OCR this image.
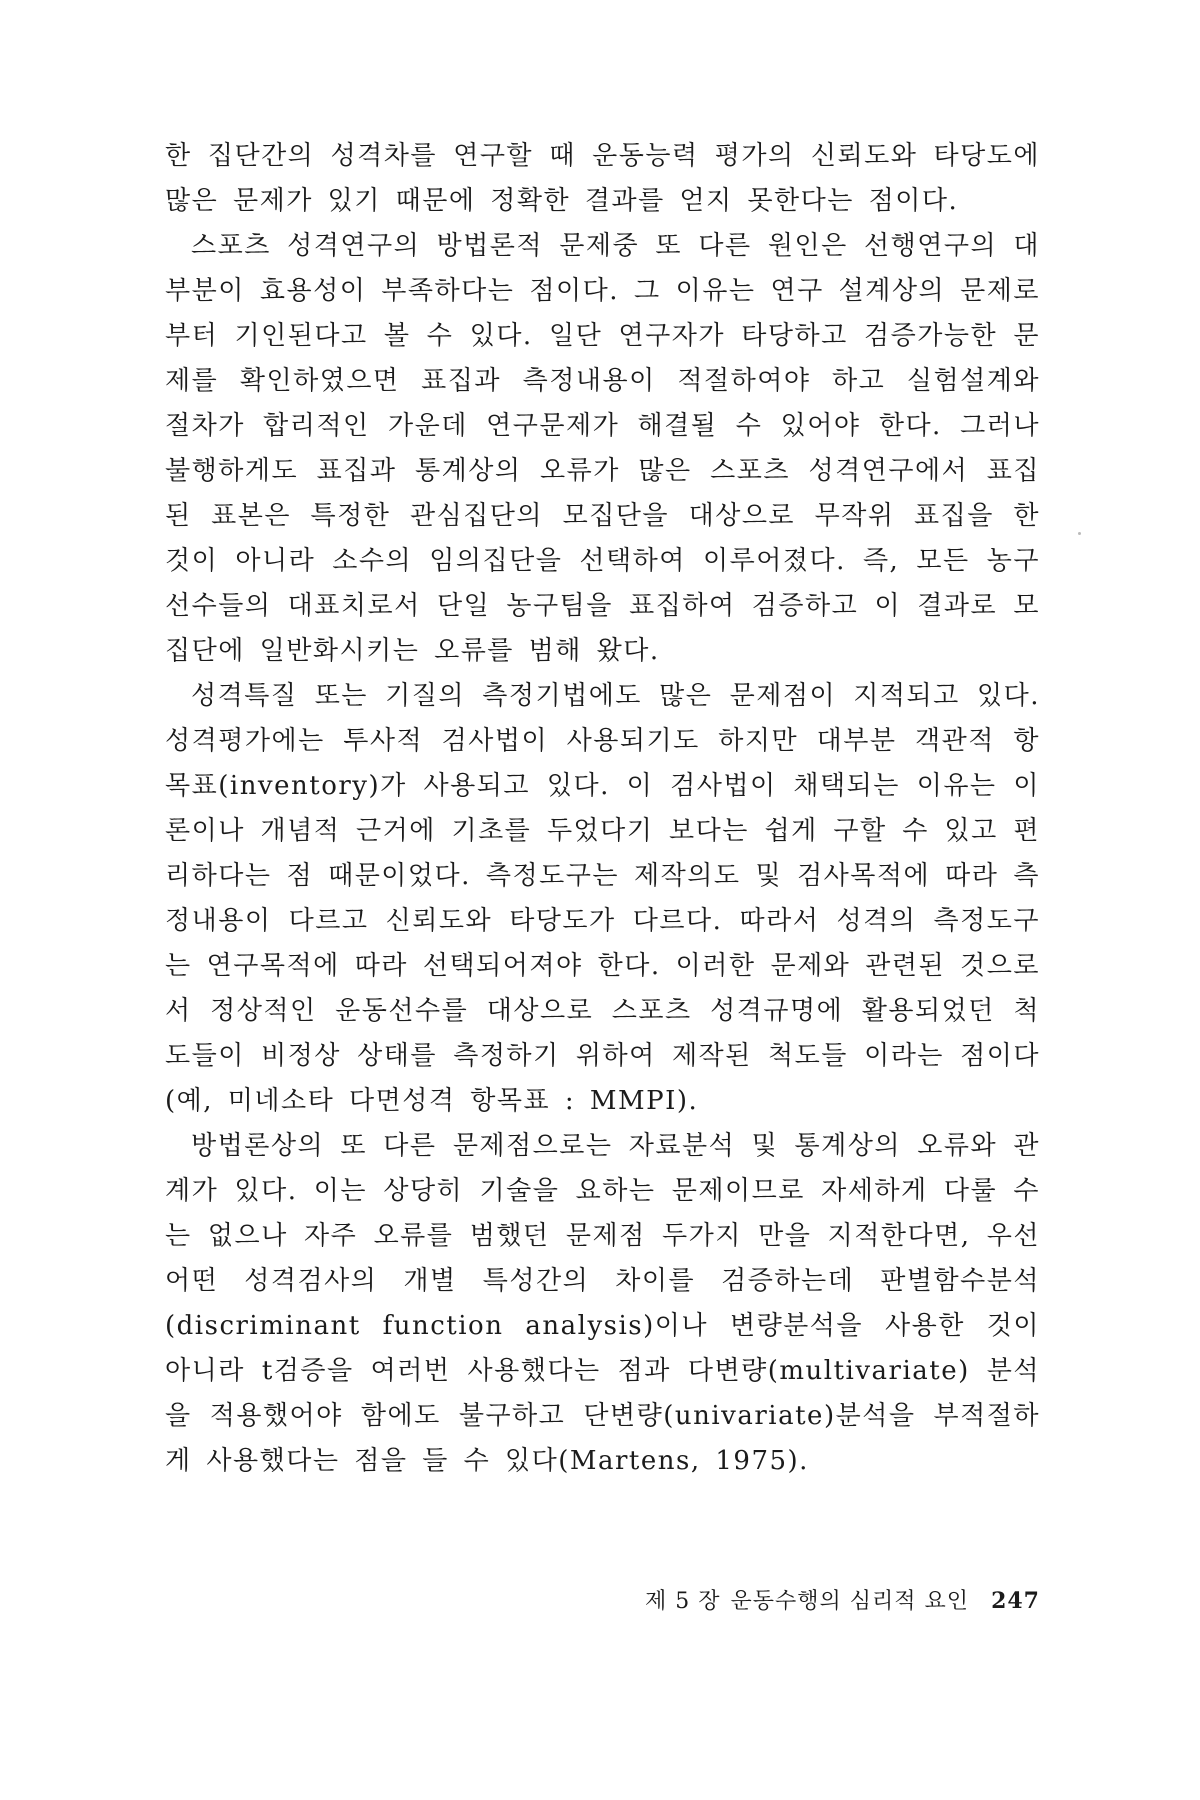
한 집단간의 성격차를 연구할 때 운동능력 평가의 신뢰도와 타당도에 많은 문제가 있기 때문에 정확한 결과를 얻지 못한다는 점이다.

스포츠 성격연구의 방법론적 문제중 또 다른 원인은 선행연구의 대부분이 효용성이 부족하다는 점이다. 그 이유는 연구 설계상의 문제로부터 기인된다고 볼 수 있다. 일단 연구자가 타당하고 검증가능한 문제를 확인하였으면 표집과 측정내용이 적절하여야 하고 실험설계와 절차가 합리적인 가운데 연구문제가 해결될 수 있어야 한다. 그러나 불행하게도 표집과 통계상의 오류가 많은 스포츠 성격연구에서 표집된 표본은 특정한 관심집단의 모집단을 대상으로 무작위 표집을 한 것이 아니라 소수의 임의집단을 선택하여 이루어졌다. 즉, 모든 농구선수들의 대표치로서 단일 농구팀을 표집하여 검증하고 이 결과로 모집단에 일반화시키는 오류를 범해 왔다.

성격특질 또는 기질의 측정기법에도 많은 문제점이 지적되고 있다. 성격평가에는 투사적 검사법이 사용되기도 하지만 대부분 객관적 항목표(inventory)가 사용되고 있다. 이 검사법이 채택되는 이유는 이론이나 개념적 근거에 기초를 두었다기 보다는 쉽게 구할 수 있고 편리하다는 점 때문이었다. 측정도구는 제작의도 및 검사목적에 따라 측정내용이 다르고 신뢰도와 타당도가 다르다. 따라서 성격의 측정도구는 연구목적에 따라 선택되어져야 한다. 이러한 문제와 관련된 것으로서 정상적인 운동선수를 대상으로 스포츠 성격규명에 활용되었던 척도들이 비정상 상태를 측정하기 위하여 제작된 척도들 이라는 점이다(예, 미네소타 다면성격 항목표 : MMPI).

방법론상의 또 다른 문제점으로는 자료분석 및 통계상의 오류와 관계가 있다. 이는 상당히 기술을 요하는 문제이므로 자세하게 다룰 수는 없으나 자주 오류를 범했던 문제점 두가지 만을 지적한다면, 우선 어떤 성격검사의 개별 특성간의 차이를 검증하는데 판별함수분석(discriminant function analysis)이나 변량분석을 사용한 것이 아니라 t검증을 여러번 사용했다는 점과 다변량(multivariate) 분석을 적용했어야 함에도 불구하고 단변량(univariate)분석을 부적절하게 사용했다는 점을 들 수 있다(Martens, 1975).

제 5 장 운동수행의 심리적 요인 247
